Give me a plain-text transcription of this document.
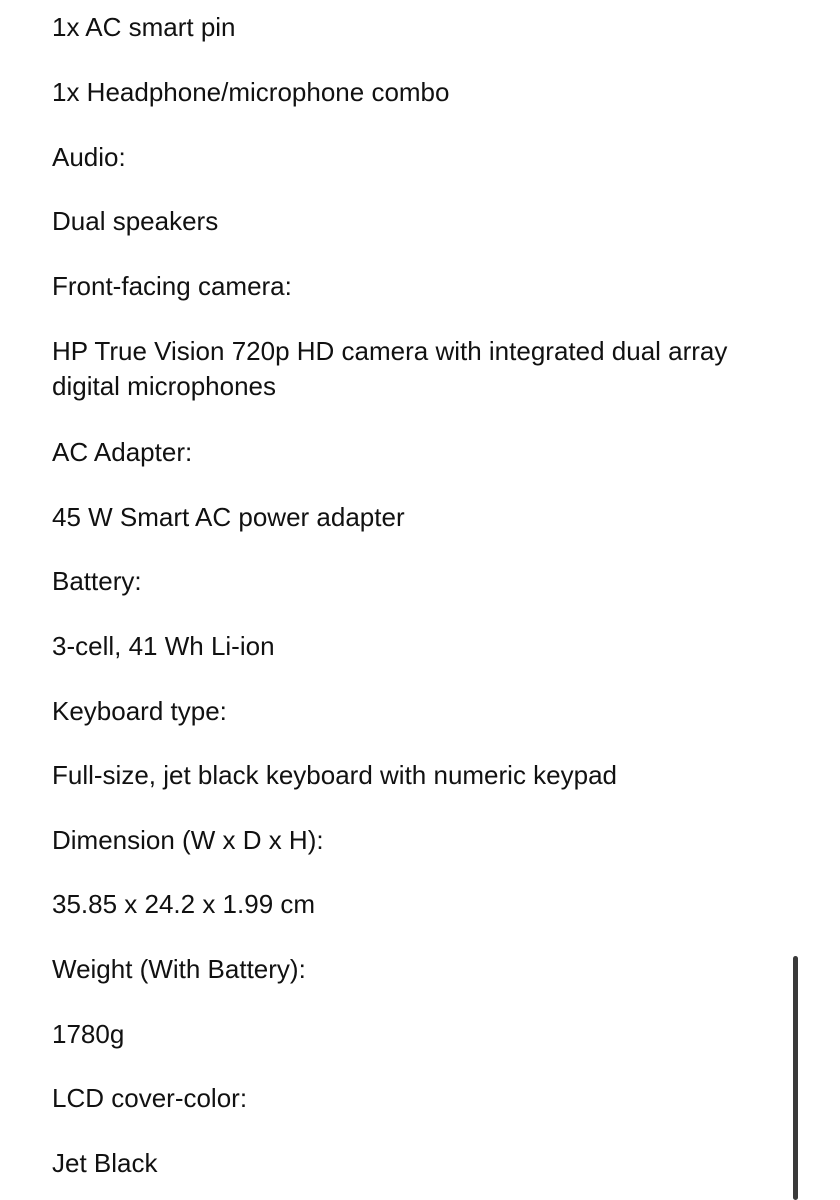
1x AC smart pin

1x Headphone/microphone combo

Audio:

Dual speakers

Front-facing camera:

HP True Vision 720p HD camera with integrated dual array digital microphones

AC Adapter:

45 W Smart AC power adapter

Battery:

3-cell, 41 Wh Li-ion

Keyboard type:

Full-size, jet black keyboard with numeric keypad

Dimension (W x D x H):

35.85 x 24.2 x 1.99 cm

Weight (With Battery):

1780g

LCD cover-color:

Jet Black
